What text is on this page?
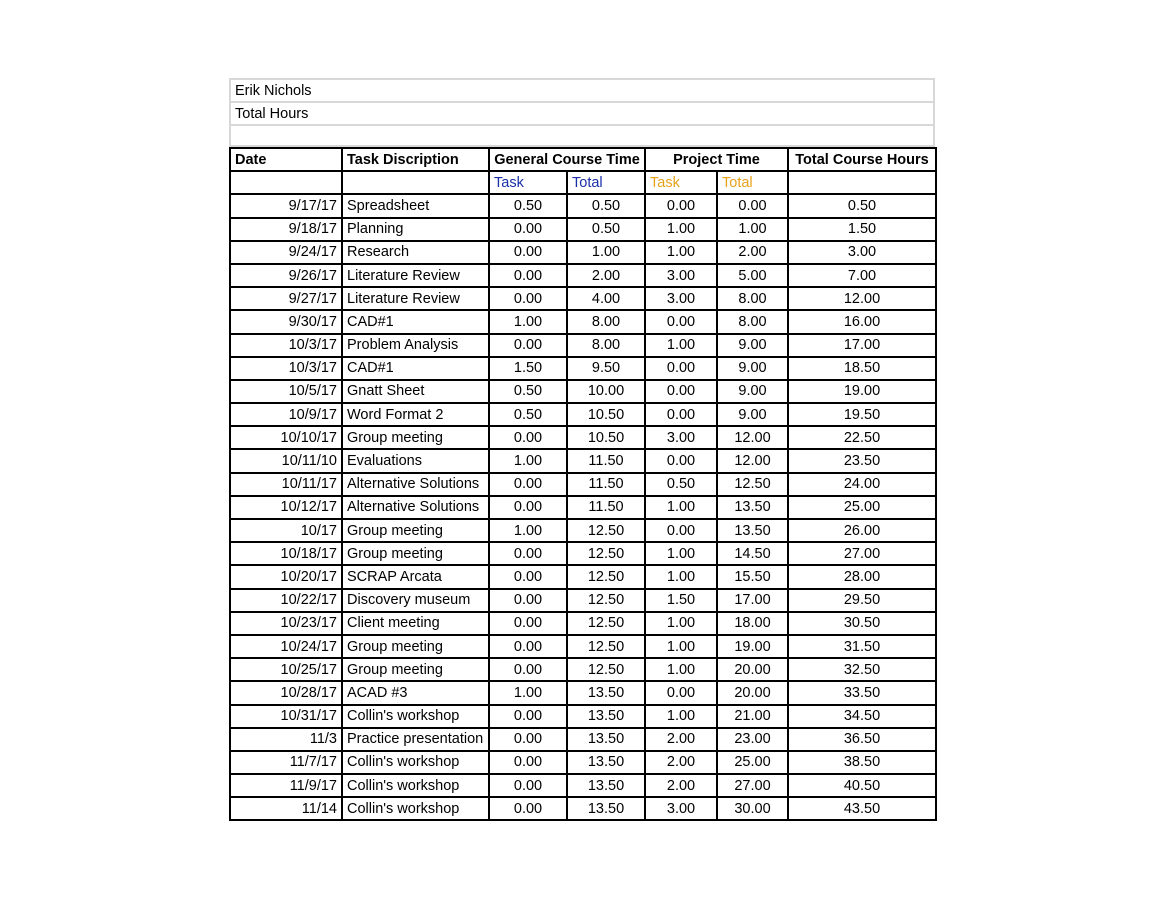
Erik Nichols
Total Hours

Date	Task Discription	General Course Time		Project Time		Total Course Hours
		Task	Total	Task	Total	
9/17/17	Spreadsheet	0.50	0.50	0.00	0.00	0.50
9/18/17	Planning	0.00	0.50	1.00	1.00	1.50
9/24/17	Research	0.00	1.00	1.00	2.00	3.00
9/26/17	Literature Review	0.00	2.00	3.00	5.00	7.00
9/27/17	Literature Review	0.00	4.00	3.00	8.00	12.00
9/30/17	CAD#1	1.00	8.00	0.00	8.00	16.00
10/3/17	Problem Analysis	0.00	8.00	1.00	9.00	17.00
10/3/17	CAD#1	1.50	9.50	0.00	9.00	18.50
10/5/17	Gnatt Sheet	0.50	10.00	0.00	9.00	19.00
10/9/17	Word Format 2	0.50	10.50	0.00	9.00	19.50
10/10/17	Group meeting	0.00	10.50	3.00	12.00	22.50
10/11/10	Evaluations	1.00	11.50	0.00	12.00	23.50
10/11/17	Alternative Solutions	0.00	11.50	0.50	12.50	24.00
10/12/17	Alternative Solutions	0.00	11.50	1.00	13.50	25.00
10/17	Group meeting	1.00	12.50	0.00	13.50	26.00
10/18/17	Group meeting	0.00	12.50	1.00	14.50	27.00
10/20/17	SCRAP Arcata	0.00	12.50	1.00	15.50	28.00
10/22/17	Discovery museum	0.00	12.50	1.50	17.00	29.50
10/23/17	Client meeting	0.00	12.50	1.00	18.00	30.50
10/24/17	Group meeting	0.00	12.50	1.00	19.00	31.50
10/25/17	Group meeting	0.00	12.50	1.00	20.00	32.50
10/28/17	ACAD #3	1.00	13.50	0.00	20.00	33.50
10/31/17	Collin's workshop	0.00	13.50	1.00	21.00	34.50
11/3	Practice presentation	0.00	13.50	2.00	23.00	36.50
11/7/17	Collin's workshop	0.00	13.50	2.00	25.00	38.50
11/9/17	Collin's workshop	0.00	13.50	2.00	27.00	40.50
11/14	Collin's workshop	0.00	13.50	3.00	30.00	43.50
